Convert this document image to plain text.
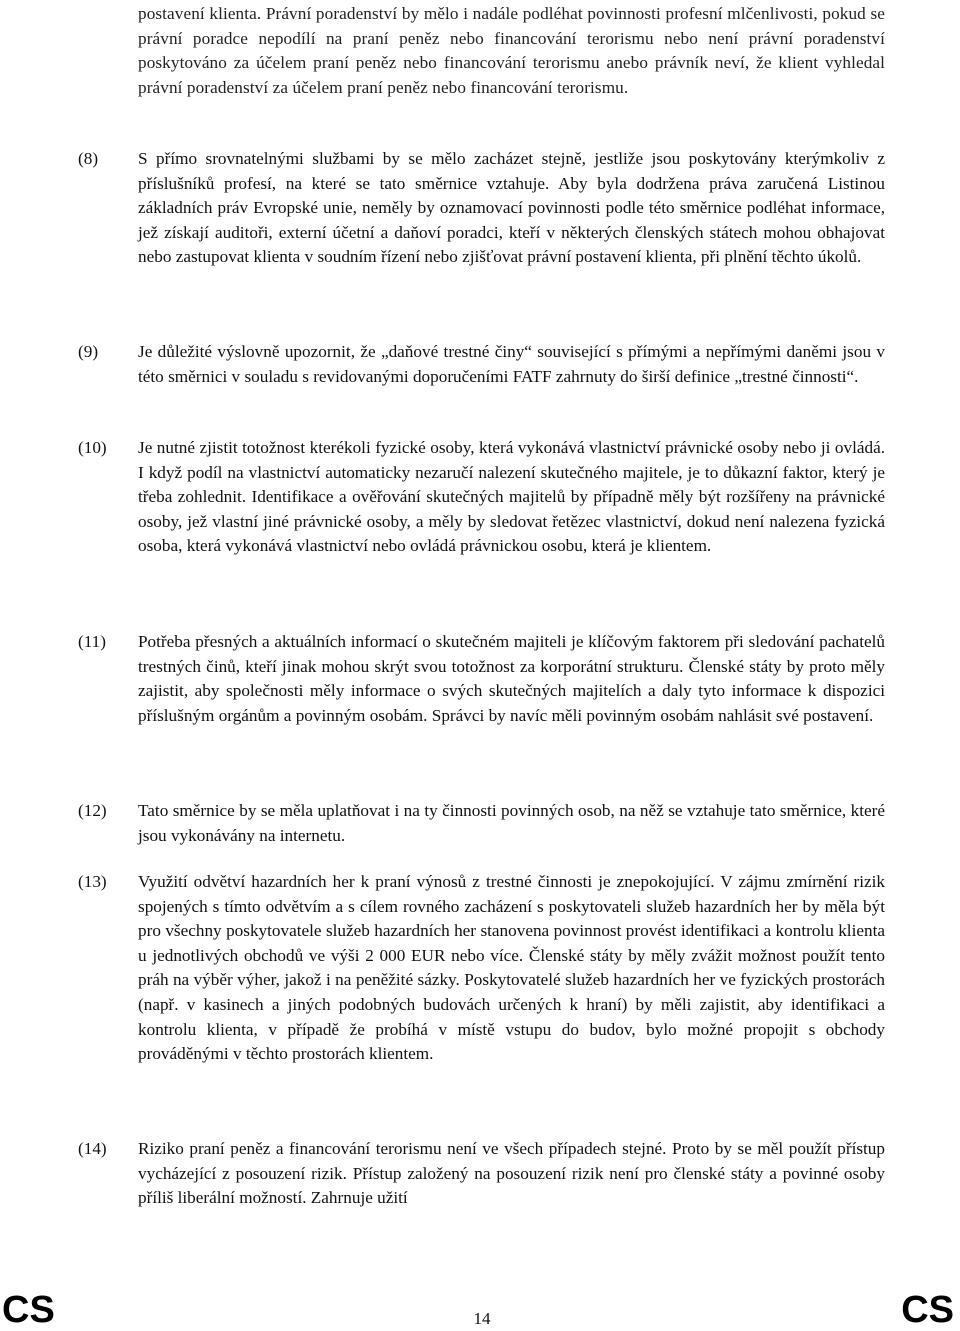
postavení klienta. Právní poradenství by mělo i nadále podléhat povinnosti profesní mlčenlivosti, pokud se právní poradce nepodílí na praní peněz nebo financování terorismu nebo není právní poradenství poskytováno za účelem praní peněz nebo financování terorismu anebo právník neví, že klient vyhledal právní poradenství za účelem praní peněz nebo financování terorismu.

(8) S přímo srovnatelnými službami by se mělo zacházet stejně, jestliže jsou poskytovány kterýmkoliv z příslušníků profesí, na které se tato směrnice vztahuje. Aby byla dodržena práva zaručená Listinou základních práv Evropské unie, neměly by oznamovací povinnosti podle této směrnice podléhat informace, jež získají auditoři, externí účetní a daňoví poradci, kteří v některých členských státech mohou obhajovat nebo zastupovat klienta v soudním řízení nebo zjišťovat právní postavení klienta, při plnění těchto úkolů.

(9) Je důležité výslovně upozornit, že „daňové trestné činy“ související s přímými a nepřímými daněmi jsou v této směrnici v souladu s revidovanými doporučeními FATF zahrnuty do širší definice „trestné činnosti“.

(10) Je nutné zjistit totožnost kterékoli fyzické osoby, která vykonává vlastnictví právnické osoby nebo ji ovládá. I když podíl na vlastnictví automaticky nezaručí nalezení skutečného majitele, je to důkazní faktor, který je třeba zohlednit. Identifikace a ověřování skutečných majitelů by případně měly být rozšířeny na právnické osoby, jež vlastní jiné právnické osoby, a měly by sledovat řetězec vlastnictví, dokud není nalezena fyzická osoba, která vykonává vlastnictví nebo ovládá právnickou osobu, která je klientem.

(11) Potřeba přesných a aktuálních informací o skutečném majiteli je klíčovým faktorem při sledování pachatelů trestných činů, kteří jinak mohou skrýt svou totožnost za korporátní strukturu. Členské státy by proto měly zajistit, aby společnosti měly informace o svých skutečných majitelích a daly tyto informace k dispozici příslušným orgánům a povinným osobám. Správci by navíc měli povinným osobám nahlásit své postavení.

(12) Tato směrnice by se měla uplatňovat i na ty činnosti povinných osob, na něž se vztahuje tato směrnice, které jsou vykonávány na internetu.

(13) Využití odvětví hazardních her k praní výnosů z trestné činnosti je znepokojující. V zájmu zmírnění rizik spojených s tímto odvětvím a s cílem rovného zacházení s poskytovateli služeb hazardních her by měla být pro všechny poskytovatele služeb hazardních her stanovena povinnost provést identifikaci a kontrolu klienta u jednotlivých obchodů ve výši 2 000 EUR nebo více. Členské státy by měly zvážit možnost použít tento práh na výběr výher, jakož i na peněžité sázky. Poskytovatelé služeb hazardních her ve fyzických prostorách (např. v kasinech a jiných podobných budovách určených k hraní) by měli zajistit, aby identifikaci a kontrolu klienta, v případě že probíhá v místě vstupu do budov, bylo možné propojit s obchody prováděnými v těchto prostorách klientem.

(14) Riziko praní peněz a financování terorismu není ve všech případech stejné. Proto by se měl použít přístup vycházející z posouzení rizik. Přístup založený na posouzení rizik není pro členské státy a povinné osoby příliš liberální možností. Zahrnuje užití

CS	14	CS
